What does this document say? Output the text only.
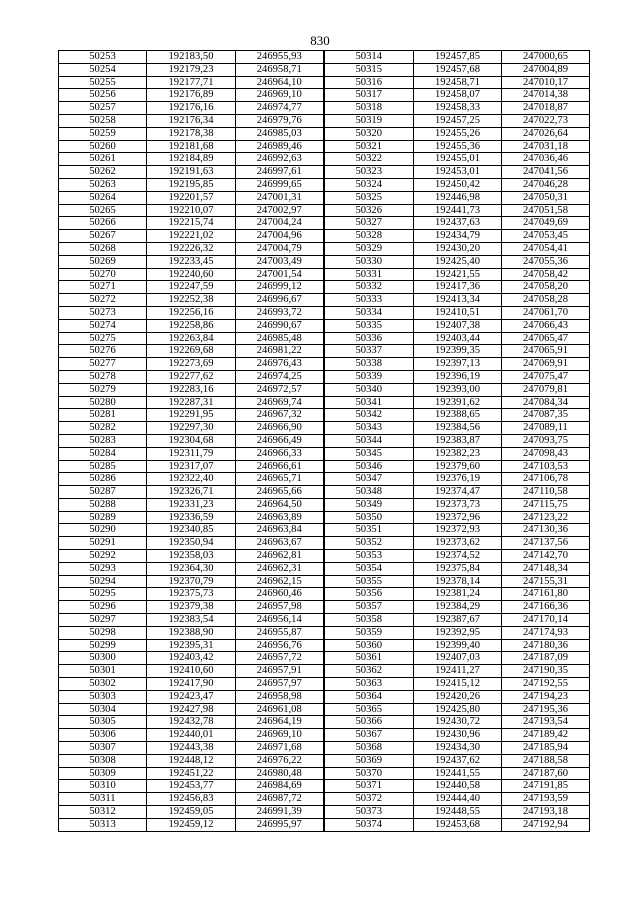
830
50253	192183,50	246955,93	50314	192457,85	247000,65
50254	192179,23	246958,71	50315	192457,68	247004,89
50255	192177,71	246964,10	50316	192458,71	247010,17
50256	192176,89	246969,10	50317	192458,07	247014,38
50257	192176,16	246974,77	50318	192458,33	247018,87
50258	192176,34	246979,76	50319	192457,25	247022,73
50259	192178,38	246985,03	50320	192455,26	247026,64
50260	192181,68	246989,46	50321	192455,36	247031,18
50261	192184,89	246992,63	50322	192455,01	247036,46
50262	192191,63	246997,61	50323	192453,01	247041,56
50263	192195,85	246999,65	50324	192450,42	247046,28
50264	192201,57	247001,31	50325	192446,98	247050,31
50265	192210,07	247002,97	50326	192441,73	247051,58
50266	192215,74	247004,24	50327	192437,63	247049,69
50267	192221,02	247004,96	50328	192434,79	247053,45
50268	192226,32	247004,79	50329	192430,20	247054,41
50269	192233,45	247003,49	50330	192425,40	247055,36
50270	192240,60	247001,54	50331	192421,55	247058,42
50271	192247,59	246999,12	50332	192417,36	247058,20
50272	192252,38	246996,67	50333	192413,34	247058,28
50273	192256,16	246993,72	50334	192410,51	247061,70
50274	192258,86	246990,67	50335	192407,38	247066,43
50275	192263,84	246985,48	50336	192403,44	247065,47
50276	192269,68	246981,22	50337	192399,35	247065,91
50277	192273,69	246976,43	50338	192397,13	247069,91
50278	192277,62	246974,25	50339	192396,19	247075,47
50279	192283,16	246972,57	50340	192393,00	247079,81
50280	192287,31	246969,74	50341	192391,62	247084,34
50281	192291,95	246967,32	50342	192388,65	247087,35
50282	192297,30	246966,90	50343	192384,56	247089,11
50283	192304,68	246966,49	50344	192383,87	247093,75
50284	192311,79	246966,33	50345	192382,23	247098,43
50285	192317,07	246966,61	50346	192379,60	247103,53
50286	192322,40	246965,71	50347	192376,19	247106,78
50287	192326,71	246965,66	50348	192374,47	247110,58
50288	192331,23	246964,50	50349	192373,73	247115,75
50289	192336,59	246963,89	50350	192372,96	247123,22
50290	192340,85	246963,84	50351	192372,93	247130,36
50291	192350,94	246963,67	50352	192373,62	247137,56
50292	192358,03	246962,81	50353	192374,52	247142,70
50293	192364,30	246962,31	50354	192375,84	247148,34
50294	192370,79	246962,15	50355	192378,14	247155,31
50295	192375,73	246960,46	50356	192381,24	247161,80
50296	192379,38	246957,98	50357	192384,29	247166,36
50297	192383,54	246956,14	50358	192387,67	247170,14
50298	192388,90	246955,87	50359	192392,95	247174,93
50299	192395,31	246956,76	50360	192399,40	247180,36
50300	192403,42	246957,72	50361	192407,03	247187,09
50301	192410,60	246957,91	50362	192411,27	247190,35
50302	192417,90	246957,97	50363	192415,12	247192,55
50303	192423,47	246958,98	50364	192420,26	247194,23
50304	192427,98	246961,08	50365	192425,80	247195,36
50305	192432,78	246964,19	50366	192430,72	247193,54
50306	192440,01	246969,10	50367	192430,96	247189,42
50307	192443,38	246971,68	50368	192434,30	247185,94
50308	192448,12	246976,22	50369	192437,62	247188,58
50309	192451,22	246980,48	50370	192441,55	247187,60
50310	192453,77	246984,69	50371	192440,58	247191,85
50311	192456,83	246987,72	50372	192444,40	247193,59
50312	192459,05	246991,39	50373	192448,55	247193,18
50313	192459,12	246995,97	50374	192453,68	247192,94
